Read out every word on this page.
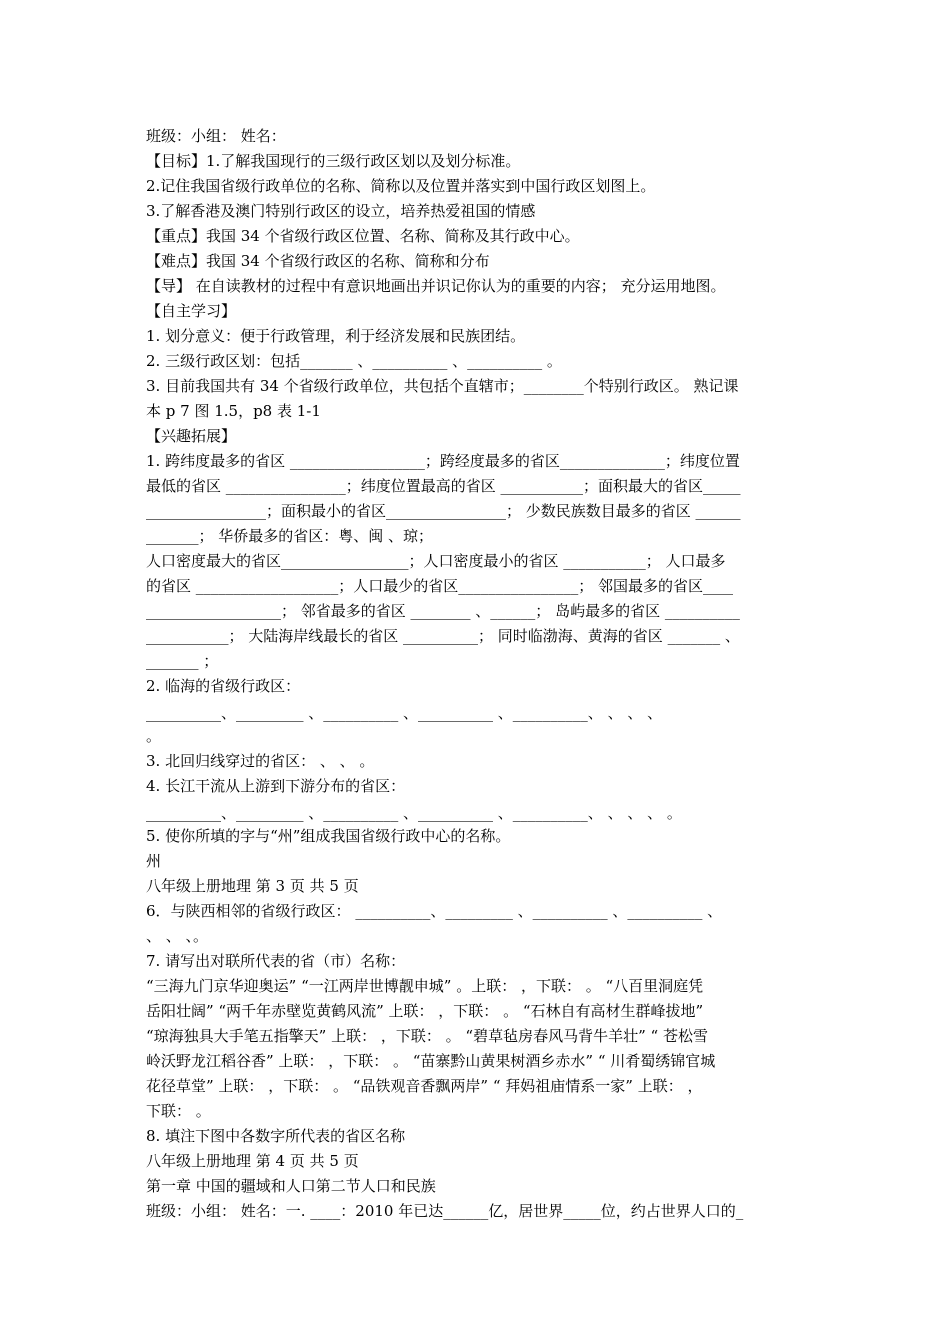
班级：小组： 姓名：
【目标】1.了解我国现行的三级行政区划以及划分标准。
2.记住我国省级行政单位的名称、简称以及位置并落实到中国行政区划图上。
3.了解香港及澳门特别行政区的设立，培养热爱祖国的情感
【重点】我国 34 个省级行政区位置、名称、简称及其行政中心。
【难点】我国 34 个省级行政区的名称、简称和分布
【导】 在自读教材的过程中有意识地画出并识记你认为的重要的内容； 充分运用地图。
【自主学习】
1. 划分意义：便于行政管理，利于经济发展和民族团结。
2. 三级行政区划：包括_______ 、__________ 、__________ 。
3. 目前我国共有 34 个省级行政单位，共包括个直辖市；________个特别行政区。 熟记课
本 p 7 图 1.5，p8 表 1-1
【兴趣拓展】
1. 跨纬度最多的省区 __________________；跨经度最多的省区______________；纬度位置
最低的省区 ________________；纬度位置最高的省区 ___________；面积最大的省区_____
________________；面积最小的省区________________； 少数民族数目最多的省区 ______
_______； 华侨最多的省区：粤、闽 、琼；
人口密度最大的省区_________________；人口密度最小的省区 ___________； 人口最多
的省区 ___________________；人口最少的省区________________； 邻国最多的省区____
__________________； 邻省最多的省区 ________ 、______； 岛屿最多的省区 __________
___________； 大陆海岸线最长的省区 __________； 同时临渤海、黄海的省区 _______ 、
_______ ；
2. 临海的省级行政区：
__________、_________ 、__________ 、__________ 、__________、 、 、 、
。
3. 北回归线穿过的省区： 、 、 。
4. 长江干流从上游到下游分布的省区：
__________、_________ 、__________ 、__________ 、__________、 、 、 、 。
5. 使你所填的字与“州”组成我国省级行政中心的名称。
州
八年级上册地理 第 3 页 共 5 页
6．与陕西相邻的省级行政区： __________、_________ 、__________ 、__________ 、
、 、 、。
7. 请写出对联所代表的省（市）名称：
“三海九门京华迎奥运” “一江两岸世博靓申城” 。上联： ，下联： 。 “八百里洞庭凭
岳阳壮阔” “两千年赤壁览黄鹤风流” 上联： ，下联： 。 “石林自有高材生群峰拔地”
“琼海独具大手笔五指擎天” 上联： ，下联： 。 “碧草毡房春风马背牛羊壮” “ 苍松雪
岭沃野龙江稻谷香” 上联： ，下联： 。 “苗寨黔山黄果树酒乡赤水” “ 川肴蜀绣锦官城
花径草堂” 上联： ，下联： 。 “品铁观音香飘两岸” “ 拜妈祖庙情系一家” 上联： ，
下联： 。
8. 填注下图中各数字所代表的省区名称
八年级上册地理 第 4 页 共 5 页
第一章 中国的疆域和人口第二节人口和民族
班级：小组： 姓名：一. ____：2010 年已达______亿，居世界_____位，约占世界人口的_
